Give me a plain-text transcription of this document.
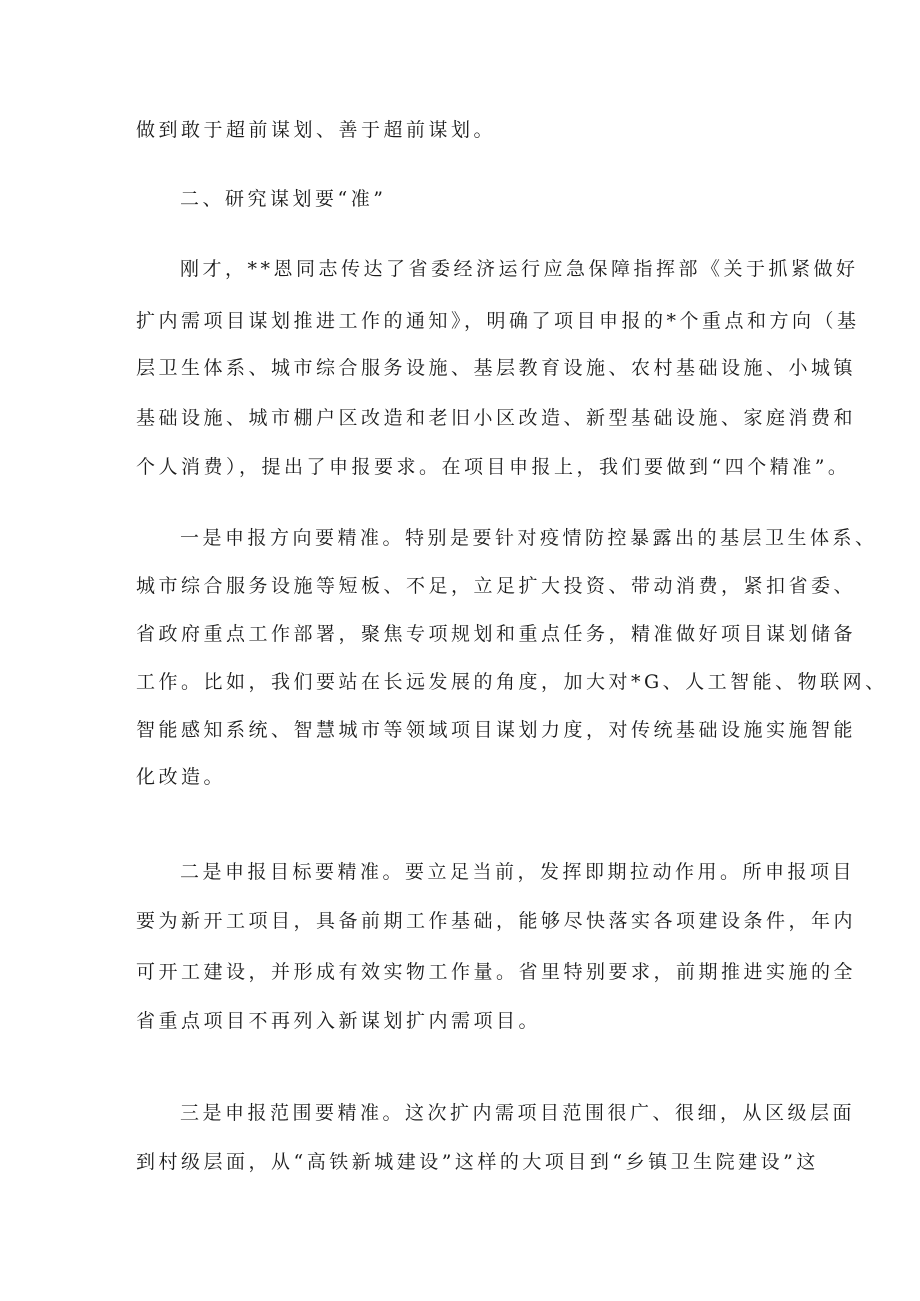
做到敢于超前谋划、善于超前谋划。
二、研究谋划要“准”
刚才，**恩同志传达了省委经济运行应急保障指挥部《关于抓紧做好
扩内需项目谋划推进工作的通知》，明确了项目申报的*个重点和方向（基
层卫生体系、城市综合服务设施、基层教育设施、农村基础设施、小城镇
基础设施、城市棚户区改造和老旧小区改造、新型基础设施、家庭消费和
个人消费），提出了申报要求。在项目申报上，我们要做到“四个精准”。
一是申报方向要精准。特别是要针对疫情防控暴露出的基层卫生体系、
城市综合服务设施等短板、不足，立足扩大投资、带动消费，紧扣省委、
省政府重点工作部署，聚焦专项规划和重点任务，精准做好项目谋划储备
工作。比如，我们要站在长远发展的角度，加大对*G、人工智能、物联网、
智能感知系统、智慧城市等领域项目谋划力度，对传统基础设施实施智能
化改造。
二是申报目标要精准。要立足当前，发挥即期拉动作用。所申报项目
要为新开工项目，具备前期工作基础，能够尽快落实各项建设条件，年内
可开工建设，并形成有效实物工作量。省里特别要求，前期推进实施的全
省重点项目不再列入新谋划扩内需项目。
三是申报范围要精准。这次扩内需项目范围很广、很细，从区级层面
到村级层面，从“高铁新城建设”这样的大项目到“乡镇卫生院建设”这
